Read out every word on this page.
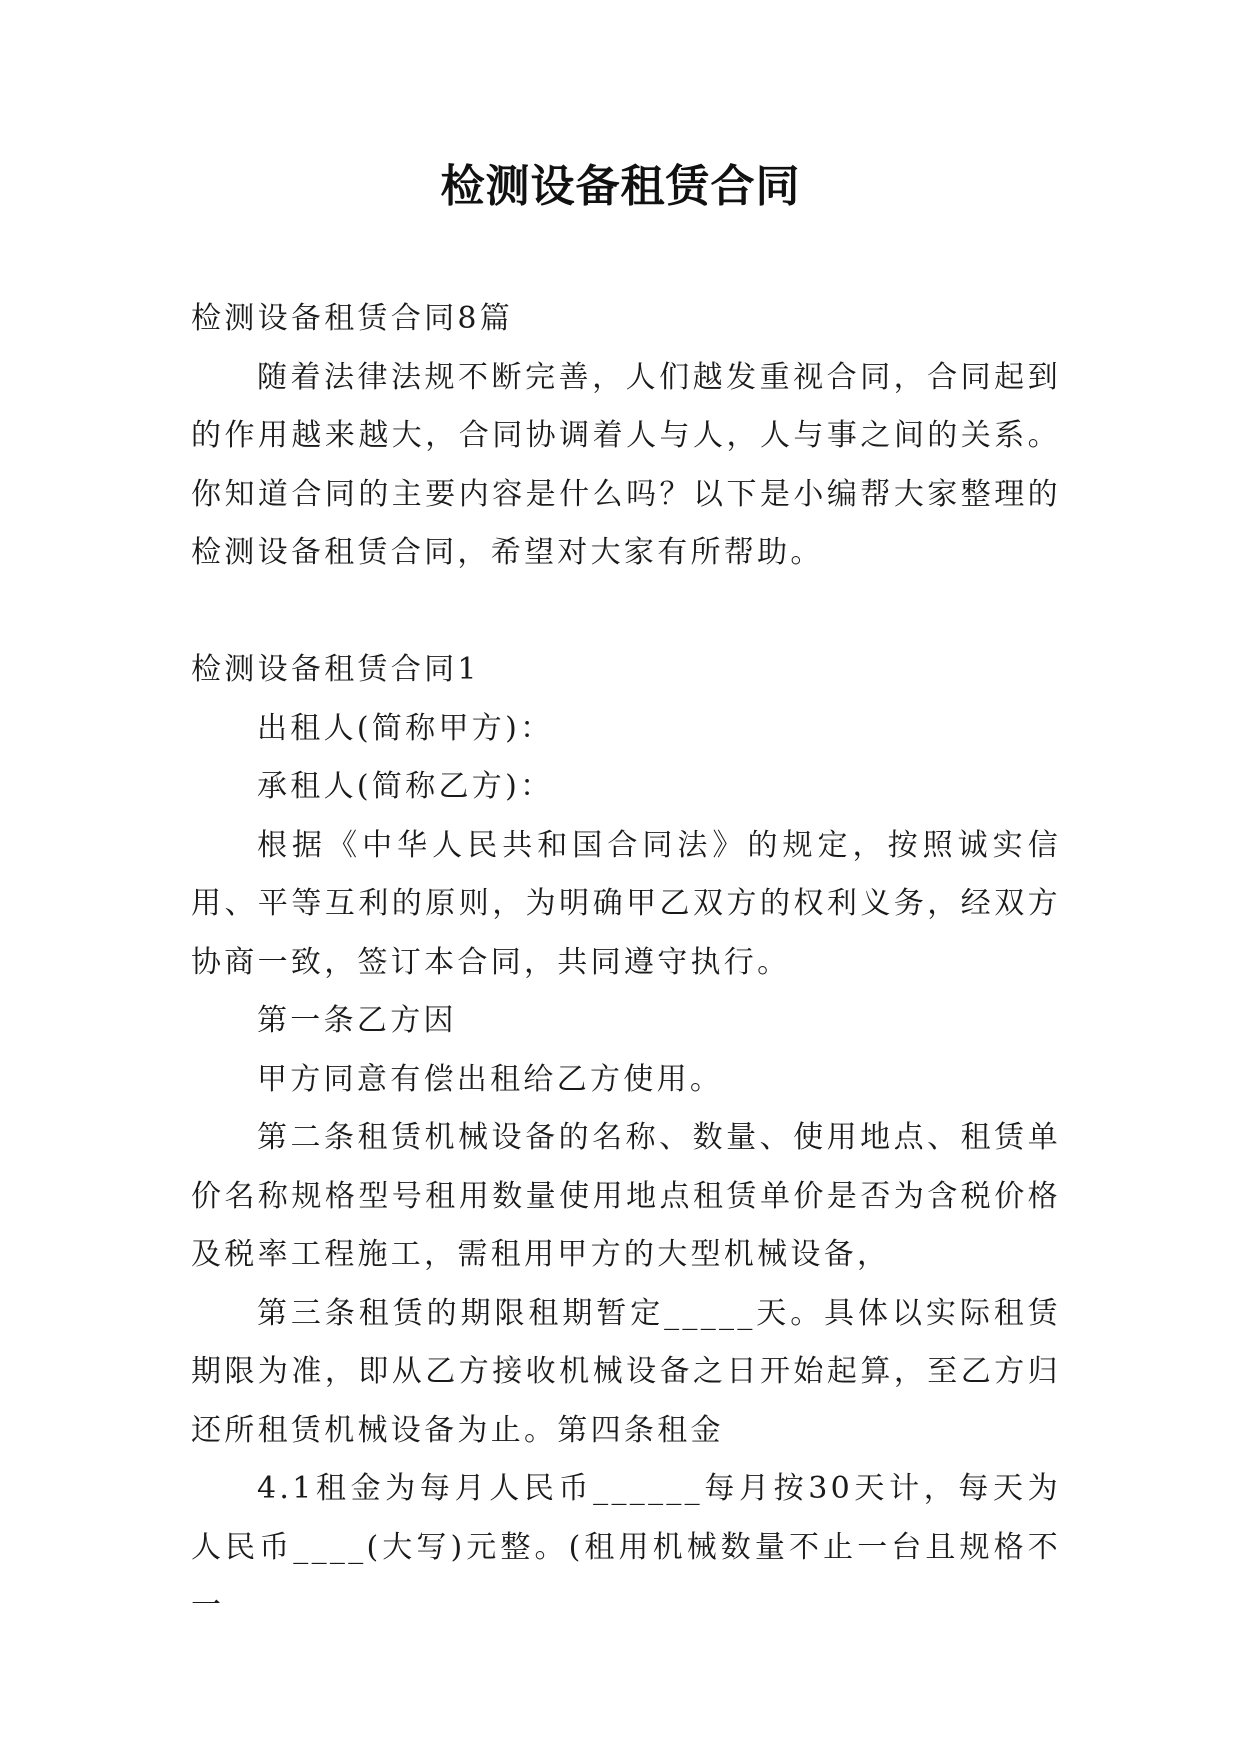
检测设备租赁合同

检测设备租赁合同8篇

随着法律法规不断完善，人们越发重视合同，合同起到的作用越来越大，合同协调着人与人，人与事之间的关系。你知道合同的主要内容是什么吗？以下是小编帮大家整理的检测设备租赁合同，希望对大家有所帮助。

检测设备租赁合同1

出租人(简称甲方)：

承租人(简称乙方)：

根据《中华人民共和国合同法》的规定，按照诚实信用、平等互利的原则，为明确甲乙双方的权利义务，经双方协商一致，签订本合同，共同遵守执行。

第一条乙方因

甲方同意有偿出租给乙方使用。

第二条租赁机械设备的名称、数量、使用地点、租赁单价名称规格型号租用数量使用地点租赁单价是否为含税价格及税率工程施工，需租用甲方的大型机械设备，

第三条租赁的期限租期暂定_____天。具体以实际租赁期限为准，即从乙方接收机械设备之日开始起算，至乙方归还所租赁机械设备为止。第四条租金

4.1租金为每月人民币______每月按30天计，每天为人民币____(大写)元整。(租用机械数量不止一台且规格不一
